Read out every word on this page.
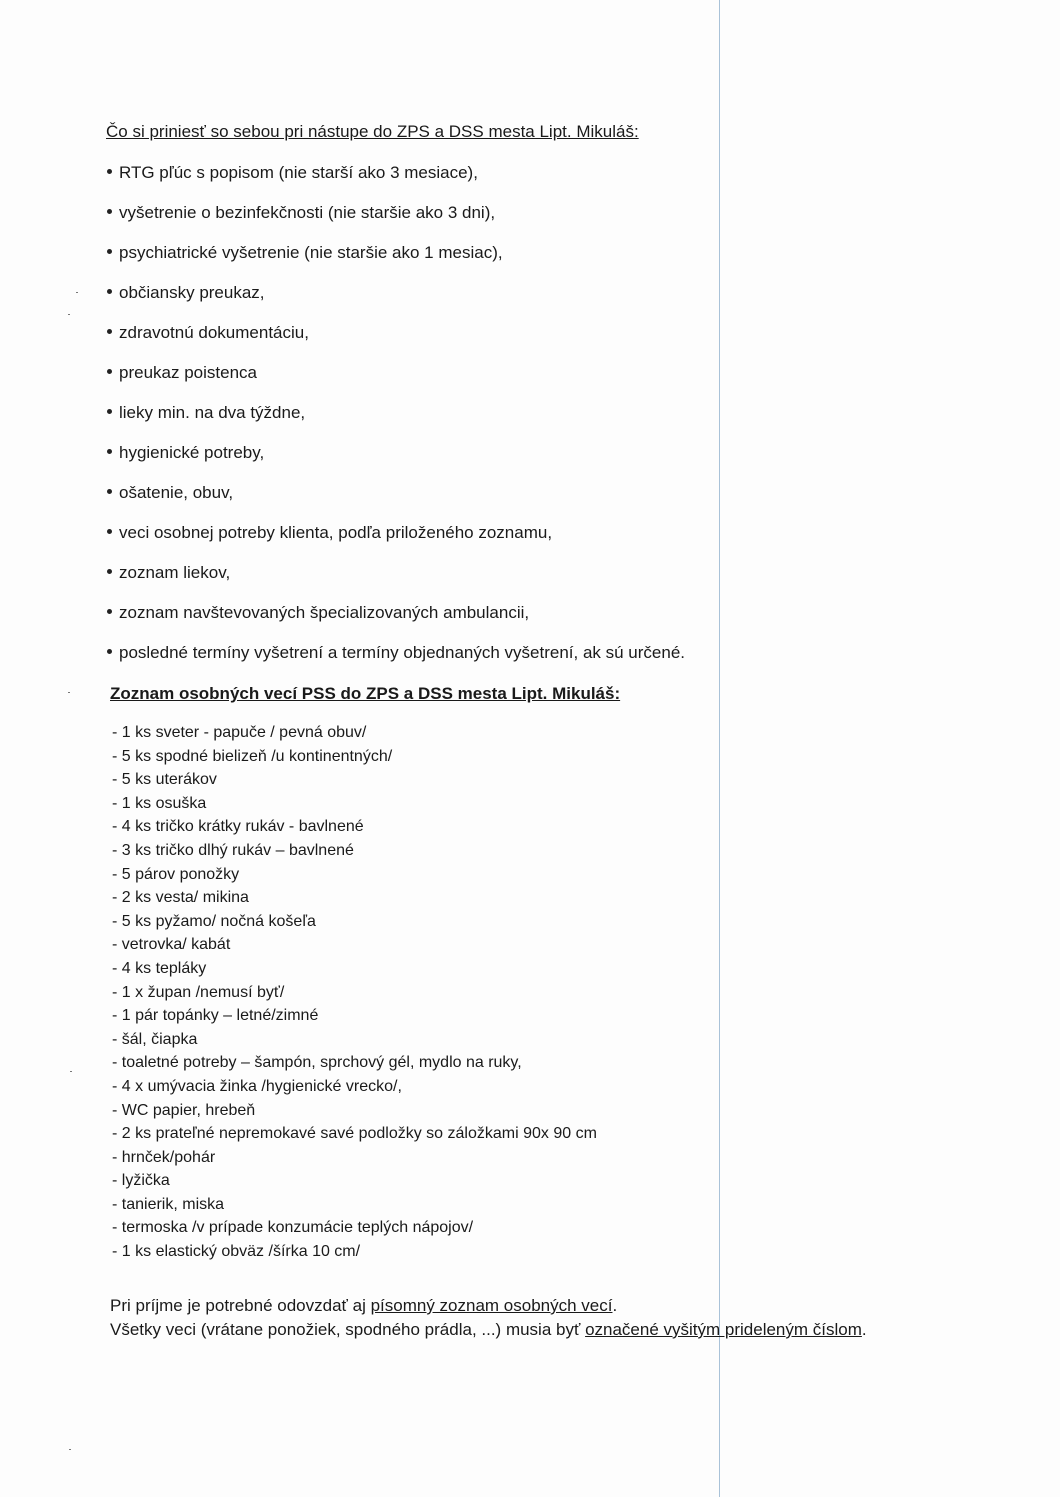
Čo si priniesť so sebou pri nástupe do ZPS a DSS mesta Lipt. Mikuláš:
RTG pľúc s popisom (nie starší ako 3 mesiace),
vyšetrenie o bezinfekčnosti (nie staršie ako 3 dni),
psychiatrické vyšetrenie (nie staršie ako 1 mesiac),
občiansky preukaz,
zdravotnú dokumentáciu,
preukaz poistenca
lieky min. na dva týždne,
hygienické potreby,
ošatenie, obuv,
veci osobnej potreby klienta, podľa priloženého zoznamu,
zoznam liekov,
zoznam navštevovaných špecializovaných ambulancii,
posledné termíny vyšetrení a termíny objednaných vyšetrení, ak sú určené.
Zoznam osobných vecí PSS do ZPS a DSS mesta Lipt. Mikuláš:
- 1 ks sveter - papuče / pevná obuv/
- 5 ks spodné bielizeň /u kontinentných/
- 5 ks uterákov
- 1 ks osuška
- 4 ks tričko krátky rukáv - bavlnené
- 3 ks tričko dlhý rukáv – bavlnené
- 5 párov ponožky
- 2 ks vesta/ mikina
- 5 ks pyžamo/ nočná košeľa
- vetrovka/ kabát
- 4 ks tepláky
- 1 x župan /nemusí byť/
- 1 pár topánky – letné/zimné
- šál, čiapka
- toaletné potreby – šampón, sprchový gél, mydlo na ruky,
- 4 x umývacia žinka /hygienické vrecko/,
- WC papier, hrebeň
- 2 ks prateľné nepremokavé savé podložky so záložkami 90x 90 cm
- hrnček/pohár
- lyžička
- tanierik, miska
- termoska /v prípade konzumácie teplých nápojov/
- 1 ks elastický obväz /šírka 10 cm/
Pri príjme je potrebné odovzdať aj písomný zoznam osobných vecí.
Všetky veci (vrátane ponožiek, spodného prádla, ...) musia byť označené vyšitým prideleným číslom.
